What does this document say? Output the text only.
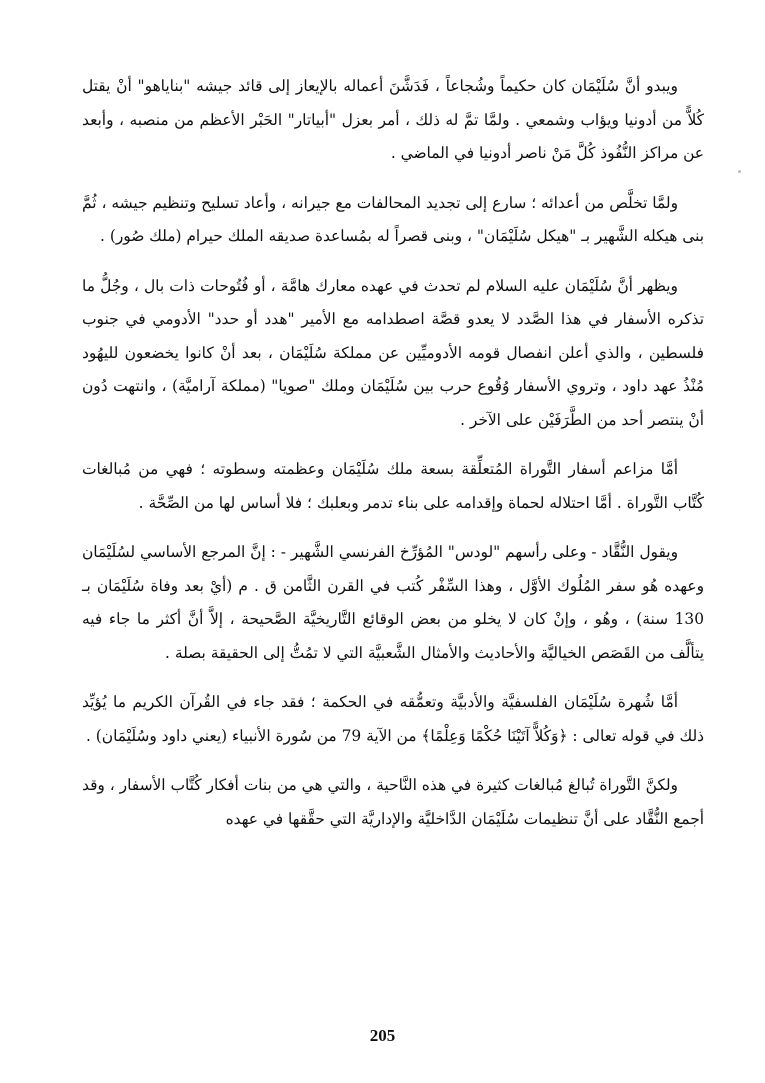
ويبدو أنَّ سُلَيْمَان كان حكيماً وشُجاعاً ، فَدَشَّنَ أعماله بالإيعاز إلى قائد جيشه "بناياهو" أنْ يقتل كُلاًّ من أدونيا ويؤاب وشمعي . ولمَّا تمَّ له ذلك ، أمر بعزل "أبياتار" الحَبْر الأعظم من منصبه ، وأبعد عن مراكز النُّفُوذ كُلَّ مَنْ ناصر أدونيا في الماضي .

ولمَّا تخلَّص من أعدائه ؛ سارع إلى تجديد المحالفات مع جيرانه ، وأعاد تسليح وتنظيم جيشه ، ثُمَّ بنى هيكله الشَّهير بـ "هيكل سُلَيْمَان" ، وبنى قصراً له بمُساعدة صديقه الملك حيرام (ملك صُور) .

ويظهر أنَّ سُلَيْمَان عليه السلام لم تحدث في عهده معارك هامَّة ، أو فُتُوحات ذات بال ، وجُلُّ ما تذكره الأسفار في هذا الصَّدد لا يعدو قصَّة اصطدامه مع الأمير "هدد أو حدد" الأدومي في جنوب فلسطين ، والذي أعلن انفصال قومه الأدوميِّين عن مملكة سُلَيْمَان ، بعد أنْ كانوا يخضعون لليهُود مُنْذُ عهد داود ، وتروي الأسفار وُقُوع حرب بين سُلَيْمَان وملك "صويا" (مملكة آراميَّة) ، وانتهت دُون أنْ ينتصر أحد من الطَّرَفَيْن على الآخر .

أمَّا مزاعم أسفار التَّوراة المُتعلِّقة بسعة ملك سُلَيْمَان وعظمته وسطوته ؛ فهي من مُبالغات كُتَّاب التَّوراة . أمَّا احتلاله لحماة وإقدامه على بناء تدمر وبعلبك ؛ فلا أساس لها من الصِّحَّة .

ويقول النُّقَّاد - وعلى رأسهم "لودس" المُؤرِّخ الفرنسي الشَّهير - : إنَّ المرجع الأساسي لسُلَيْمَان وعهده هُو سفر المُلُوك الأوَّل ، وهذا السِّفْر كُتب في القرن الثَّامن ق . م (أيْ بعد وفاة سُلَيْمَان بـ 130 سنة) ، وهُو ، وإنْ كان لا يخلو من بعض الوقائع التَّاريخيَّة الصَّحيحة ، إلاَّ أنَّ أكثر ما جاء فيه يتألَّف من القَصَص الخياليَّة والأحاديث والأمثال الشَّعبيَّة التي لا تمُتُّ إلى الحقيقة بصلة .

أمَّا شُهرة سُلَيْمَان الفلسفيَّة والأدبيَّة وتعمُّقه في الحكمة ؛ فقد جاء في القُرآن الكريم ما يُؤيِّد ذلك في قوله تعالى : ﴿وَكُلاًّ آتَيْنَا حُكْمًا وَعِلْمًا﴾ من الآية 79 من سُورة الأنبياء (يعني داود وسُلَيْمَان) .

ولكنَّ التَّوراة تُبالغ مُبالغات كثيرة في هذه النَّاحية ، والتي هي من بنات أفكار كُتَّاب الأسفار ، وقد أجمع النُّقَّاد على أنَّ تنظيمات سُلَيْمَان الدَّاخليَّة والإداريَّة التي حقَّقها في عهده

205
